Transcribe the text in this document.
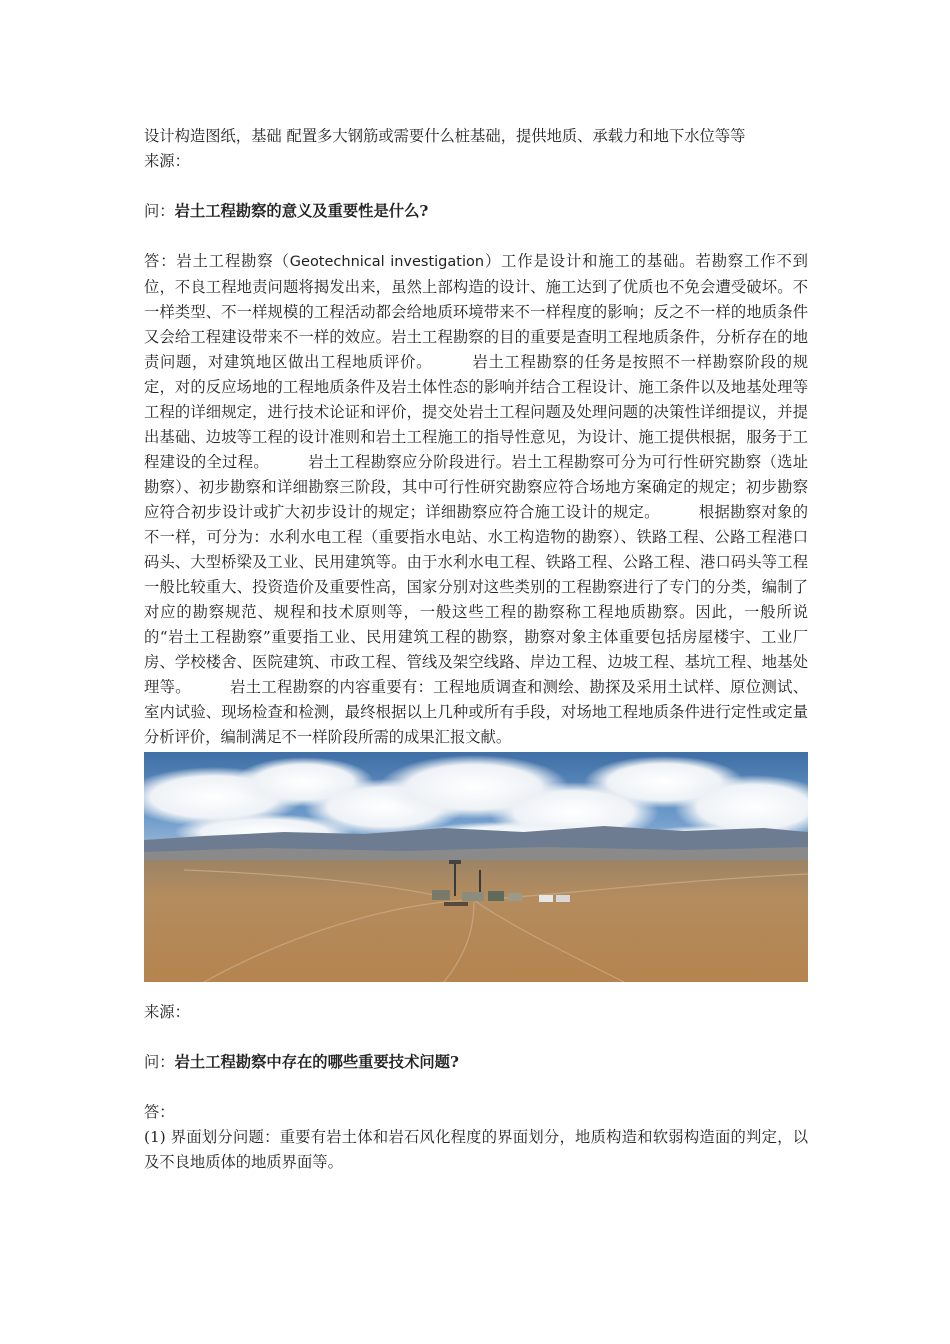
设计构造图纸，基础 配置多大钢筋或需要什么桩基础，提供地质、承载力和地下水位等等

来源：

问：岩土工程勘察的意义及重要性是什么?

答：岩土工程勘察（Geotechnical investigation）工作是设计和施工的基础。若勘察工作不到位，不良工程地责问题将揭发出来，虽然上部构造的设计、施工达到了优质也不免会遭受破坏。不一样类型、不一样规模的工程活动都会给地质环境带来不一样程度的影响；反之不一样的地质条件又会给工程建设带来不一样的效应。岩土工程勘察的目的重要是查明工程地质条件，分析存在的地责问题，对建筑地区做出工程地质评价。　　　岩土工程勘察的任务是按照不一样勘察阶段的规定，对的反应场地的工程地质条件及岩土体性态的影响并结合工程设计、施工条件以及地基处理等工程的详细规定，进行技术论证和评价，提交处岩土工程问题及处理问题的决策性详细提议，并提出基础、边坡等工程的设计准则和岩土工程施工的指导性意见，为设计、施工提供根据，服务于工程建设的全过程。　　　岩土工程勘察应分阶段进行。岩土工程勘察可分为可行性研究勘察（选址勘察）、初步勘察和详细勘察三阶段，其中可行性研究勘察应符合场地方案确定的规定；初步勘察应符合初步设计或扩大初步设计的规定；详细勘察应符合施工设计的规定。　　　根据勘察对象的不一样，可分为：水利水电工程（重要指水电站、水工构造物的勘察）、铁路工程、公路工程港口码头、大型桥梁及工业、民用建筑等。由于水利水电工程、铁路工程、公路工程、港口码头等工程一般比较重大、投资造价及重要性高，国家分别对这些类别的工程勘察进行了专门的分类，编制了对应的勘察规范、规程和技术原则等，一般这些工程的勘察称工程地质勘察。因此，一般所说的“岩土工程勘察”重要指工业、民用建筑工程的勘察，勘察对象主体重要包括房屋楼宇、工业厂房、学校楼舍、医院建筑、市政工程、管线及架空线路、岸边工程、边坡工程、基坑工程、地基处理等。　　　岩土工程勘察的内容重要有：工程地质调查和测绘、勘探及采用土试样、原位测试、室内试验、现场检查和检测，最终根据以上几种或所有手段，对场地工程地质条件进行定性或定量分析评价，编制满足不一样阶段所需的成果汇报文献。

来源：

问：岩土工程勘察中存在的哪些重要技术问题?

答：

(1) 界面划分问题：重要有岩土体和岩石风化程度的界面划分，地质构造和软弱构造面的判定，以及不良地质体的地质界面等。
